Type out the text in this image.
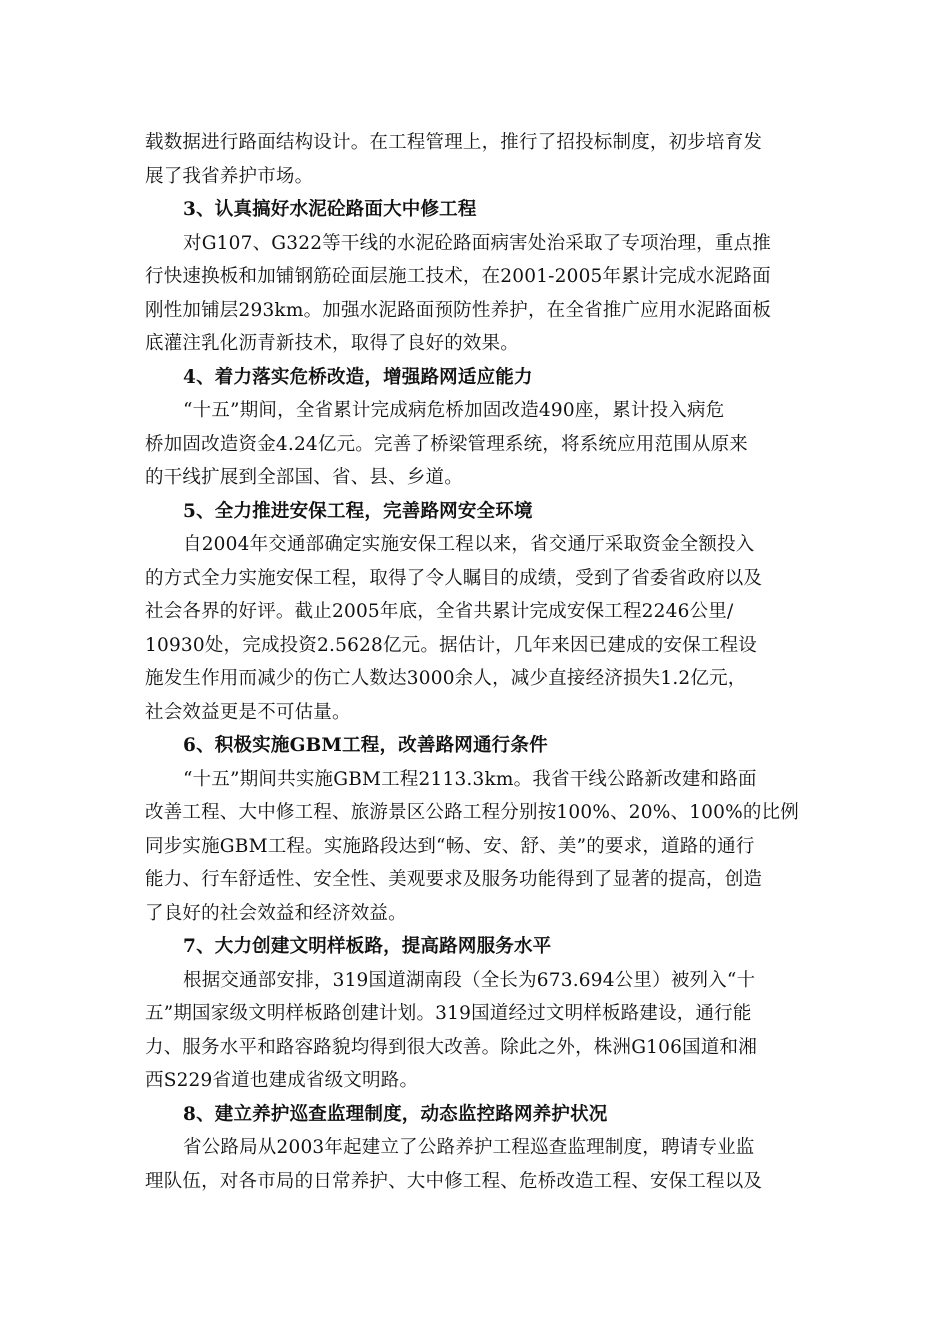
载数据进行路面结构设计。在工程管理上，推行了招投标制度，初步培育发
展了我省养护市场。
3、认真搞好水泥砼路面大中修工程
对G107、G322等干线的水泥砼路面病害处治采取了专项治理，重点推
行快速换板和加铺钢筋砼面层施工技术，在2001-2005年累计完成水泥路面
刚性加铺层293km。加强水泥路面预防性养护，在全省推广应用水泥路面板
底灌注乳化沥青新技术，取得了良好的效果。
4、着力落实危桥改造，增强路网适应能力
“十五”期间，全省累计完成病危桥加固改造490座，累计投入病危
桥加固改造资金4.24亿元。完善了桥梁管理系统，将系统应用范围从原来
的干线扩展到全部国、省、县、乡道。
5、全力推进安保工程，完善路网安全环境
自2004年交通部确定实施安保工程以来，省交通厅采取资金全额投入
的方式全力实施安保工程，取得了令人瞩目的成绩，受到了省委省政府以及
社会各界的好评。截止2005年底，全省共累计完成安保工程2246公里/
10930处，完成投资2.5628亿元。据估计，几年来因已建成的安保工程设
施发生作用而减少的伤亡人数达3000余人，减少直接经济损失1.2亿元，
社会效益更是不可估量。
6、积极实施GBM工程，改善路网通行条件
“十五”期间共实施GBM工程2113.3km。我省干线公路新改建和路面
改善工程、大中修工程、旅游景区公路工程分别按100%、20%、100%的比例
同步实施GBM工程。实施路段达到“畅、安、舒、美”的要求，道路的通行
能力、行车舒适性、安全性、美观要求及服务功能得到了显著的提高，创造
了良好的社会效益和经济效益。
7、大力创建文明样板路，提高路网服务水平
根据交通部安排，319国道湖南段（全长为673.694公里）被列入“十
五”期国家级文明样板路创建计划。319国道经过文明样板路建设，通行能
力、服务水平和路容路貌均得到很大改善。除此之外，株洲G106国道和湘
西S229省道也建成省级文明路。
8、建立养护巡查监理制度，动态监控路网养护状况
省公路局从2003年起建立了公路养护工程巡查监理制度，聘请专业监
理队伍，对各市局的日常养护、大中修工程、危桥改造工程、安保工程以及
